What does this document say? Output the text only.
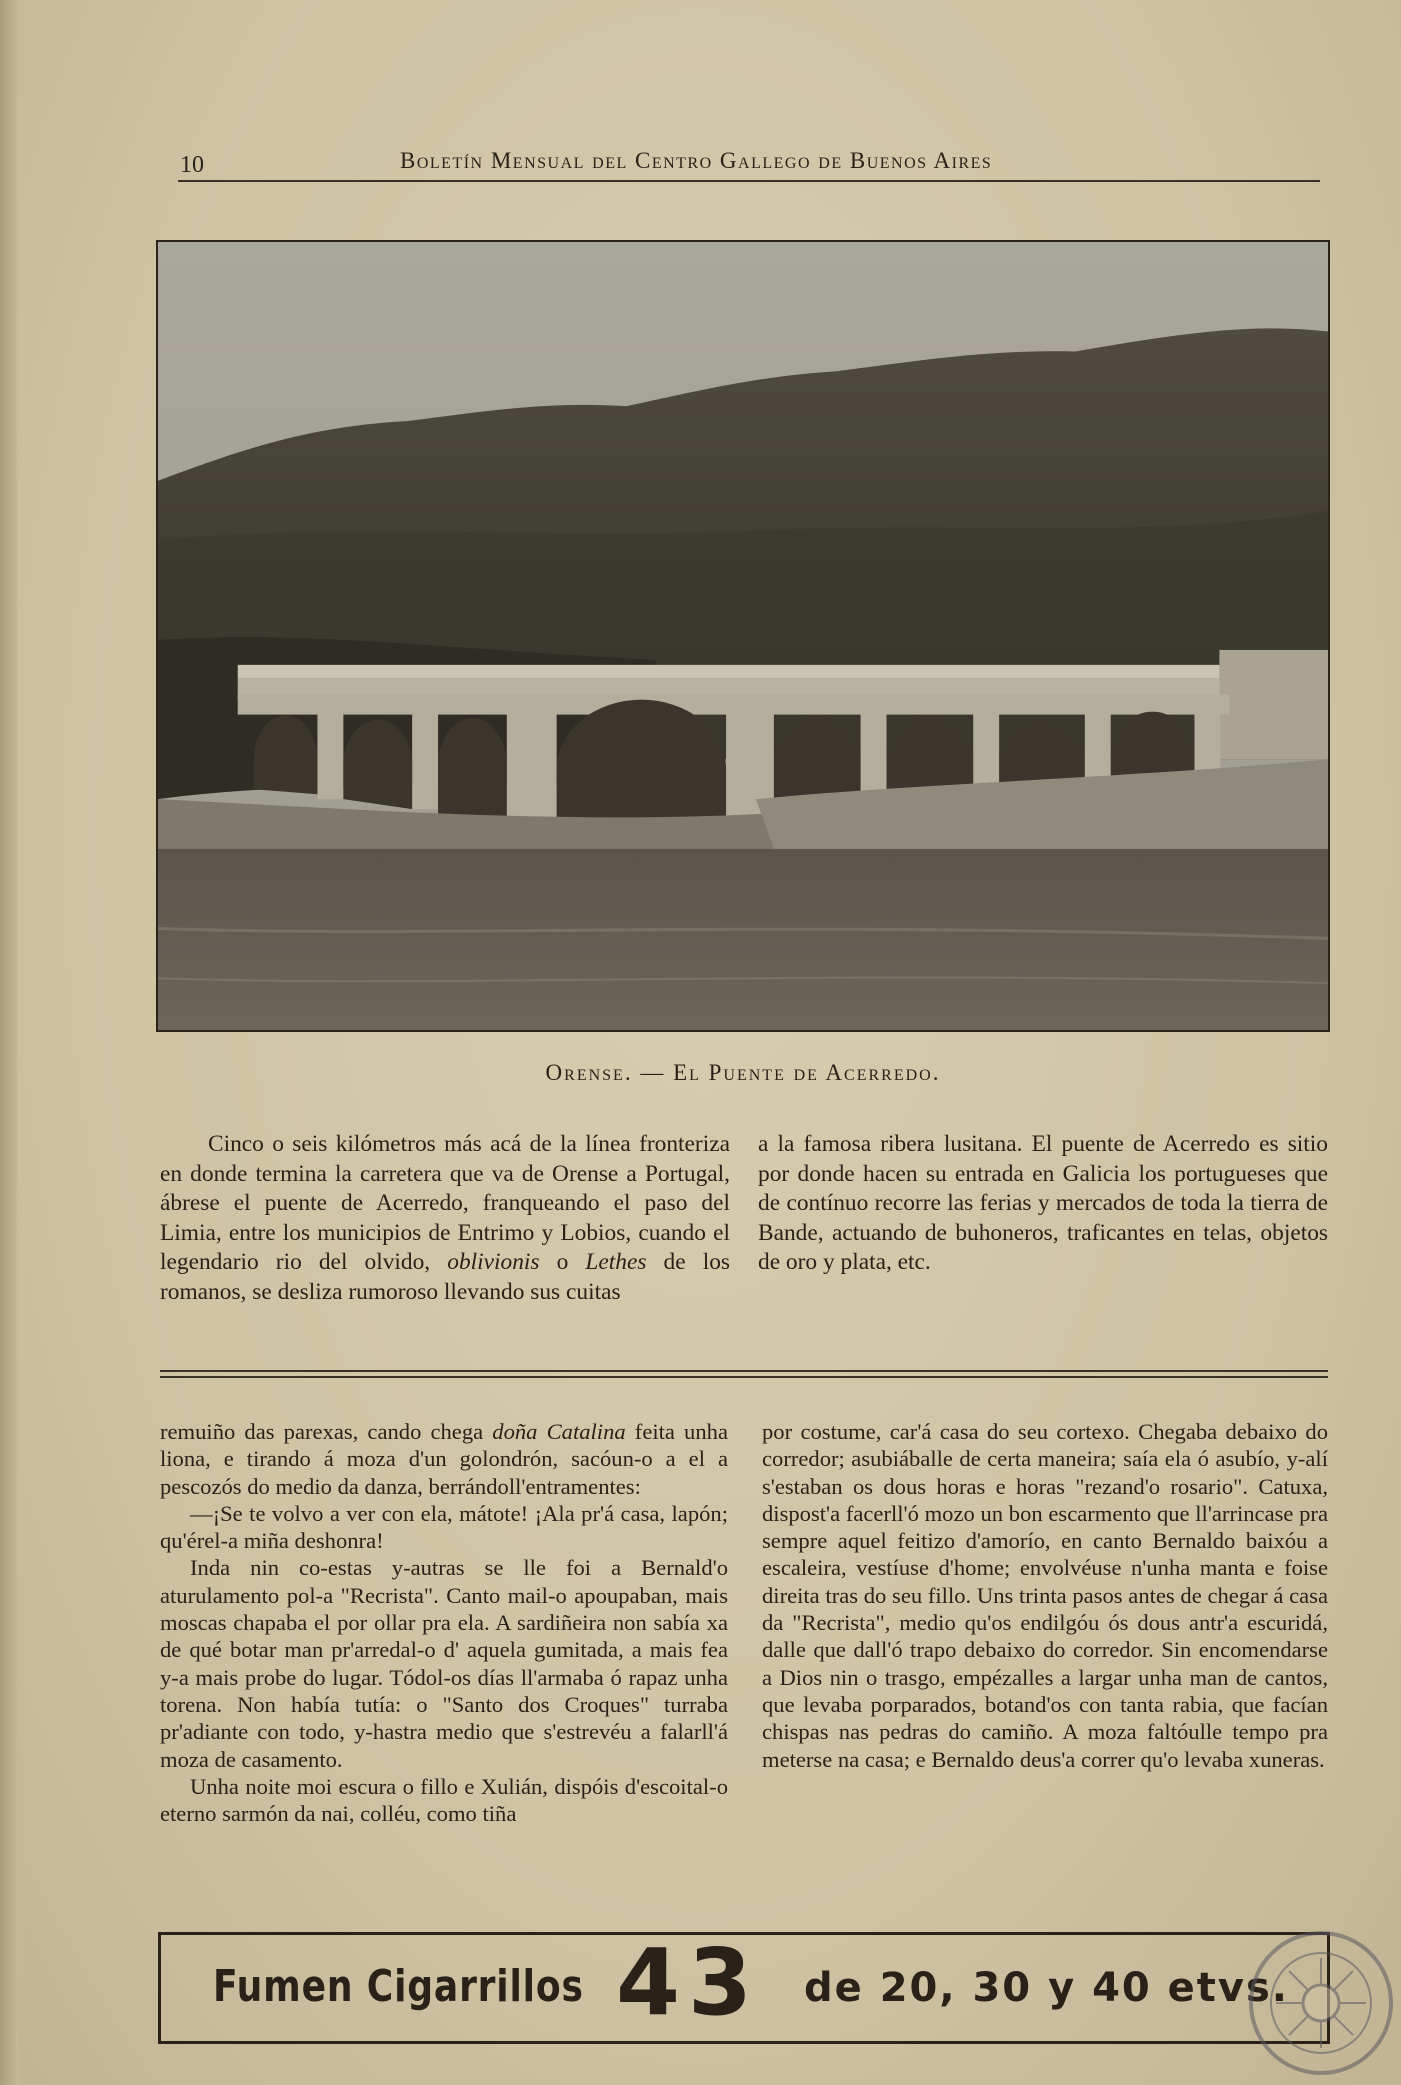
10	Boletín Mensual del Centro Gallego de Buenos Aires
Orense. — El Puente de Acerredo.

Cinco o seis kilómetros más acá de la línea fronteriza en donde termina la carretera que va de Orense a Portugal, ábrese el puente de Acerredo, franqueando el paso del Limia, entre los municipios de Entrimo y Lobios, cuando el legendario rio del olvido, oblivionis o Lethes de los romanos, se desliza rumoroso llevando sus cuitas

a la famosa ribera lusitana. El puente de Acerredo es sitio por donde hacen su entrada en Galicia los portugueses que de contínuo recorre las ferias y mercados de toda la tierra de Bande, actuando de buhoneros, traficantes en telas, objetos de oro y plata, etc.

remuiño das parexas, cando chega doña Catalina feita unha liona, e tirando á moza d'un golondrón, sacóun-o a el a pescozós do medio da danza, berrándoll'entramentes:

—¡Se te volvo a ver con ela, mátote! ¡Ala pr'á casa, lapón; qu'érel-a miña deshonra!

Inda nin co-estas y-autras se lle foi a Bernald'o aturulamento pol-a "Recrista". Canto mail-o apoupaban, mais moscas chapaba el por ollar pra ela. A sardiñeira non sabía xa de qué botar man pr'arredal-o d' aquela gumitada, a mais fea y-a mais probe do lugar. Tódol-os días ll'armaba ó rapaz unha torena. Non había tutía: o "Santo dos Croques" turraba pr'adiante con todo, y-hastra medio que s'estrevéu a falarll'á moza de casamento.

Unha noite moi escura o fillo e Xulián, dispóis d'escoital-o eterno sarmón da nai, colléu, como tiña

por costume, car'á casa do seu cortexo. Chegaba debaixo do corredor; asubiáballe de certa maneira; saía ela ó asubío, y-alí s'estaban os dous horas e horas "rezand'o rosario". Catuxa, dispost'a facerll'ó mozo un bon escarmento que ll'arrincase pra sempre aquel feitizo d'amorío, en canto Bernaldo baixóu a escaleira, vestíuse d'home; envolvéuse n'unha manta e foise direita tras do seu fillo. Uns trinta pasos antes de chegar á casa da "Recrista", medio qu'os endilgóu ós dous antr'a escuridá, dalle que dall'ó trapo debaixo do corredor. Sin encomendarse a Dios nin o trasgo, empézalles a largar unha man de cantos, que levaba porparados, botand'os con tanta rabia, que facían chispas nas pedras do camiño. A moza faltóulle tempo pra meterse na casa; e Bernaldo deus'a correr qu'o levaba xuneras.

Fumen Cigarrillos 43 de 20, 30 y 40 etvs.
